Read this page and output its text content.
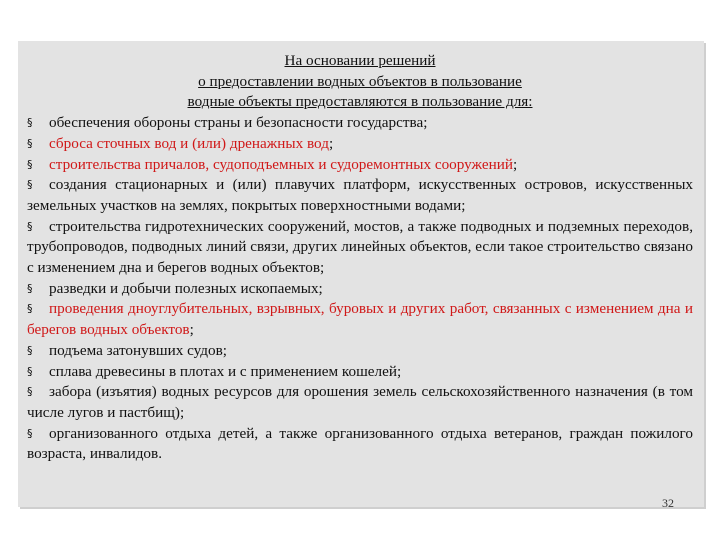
На основании решений
о предоставлении водных объектов в пользование
водные объекты предоставляются в пользование для:

§ обеспечения обороны страны и безопасности государства;

§ сброса сточных вод и (или) дренажных вод;

§ строительства причалов, судоподъемных и судоремонтных сооружений;

§ создания стационарных и (или) плавучих платформ, искусственных островов, искусственных земельных участков на землях, покрытых поверхностными водами;

§ строительства гидротехнических сооружений, мостов, а также подводных и подземных переходов, трубопроводов, подводных линий связи, других линейных объектов, если такое строительство связано с изменением дна и берегов водных объектов;

§ разведки и добычи полезных ископаемых;

§ проведения дноуглубительных, взрывных, буровых и других работ, связанных с изменением дна и берегов водных объектов;

§ подъема затонувших судов;

§ сплава древесины в плотах и с применением кошелей;

§ забора (изъятия) водных ресурсов для орошения земель сельскохозяйственного назначения (в том числе лугов и пастбищ);

§ организованного отдыха детей, а также организованного отдыха ветеранов, граждан пожилого возраста, инвалидов.

32
